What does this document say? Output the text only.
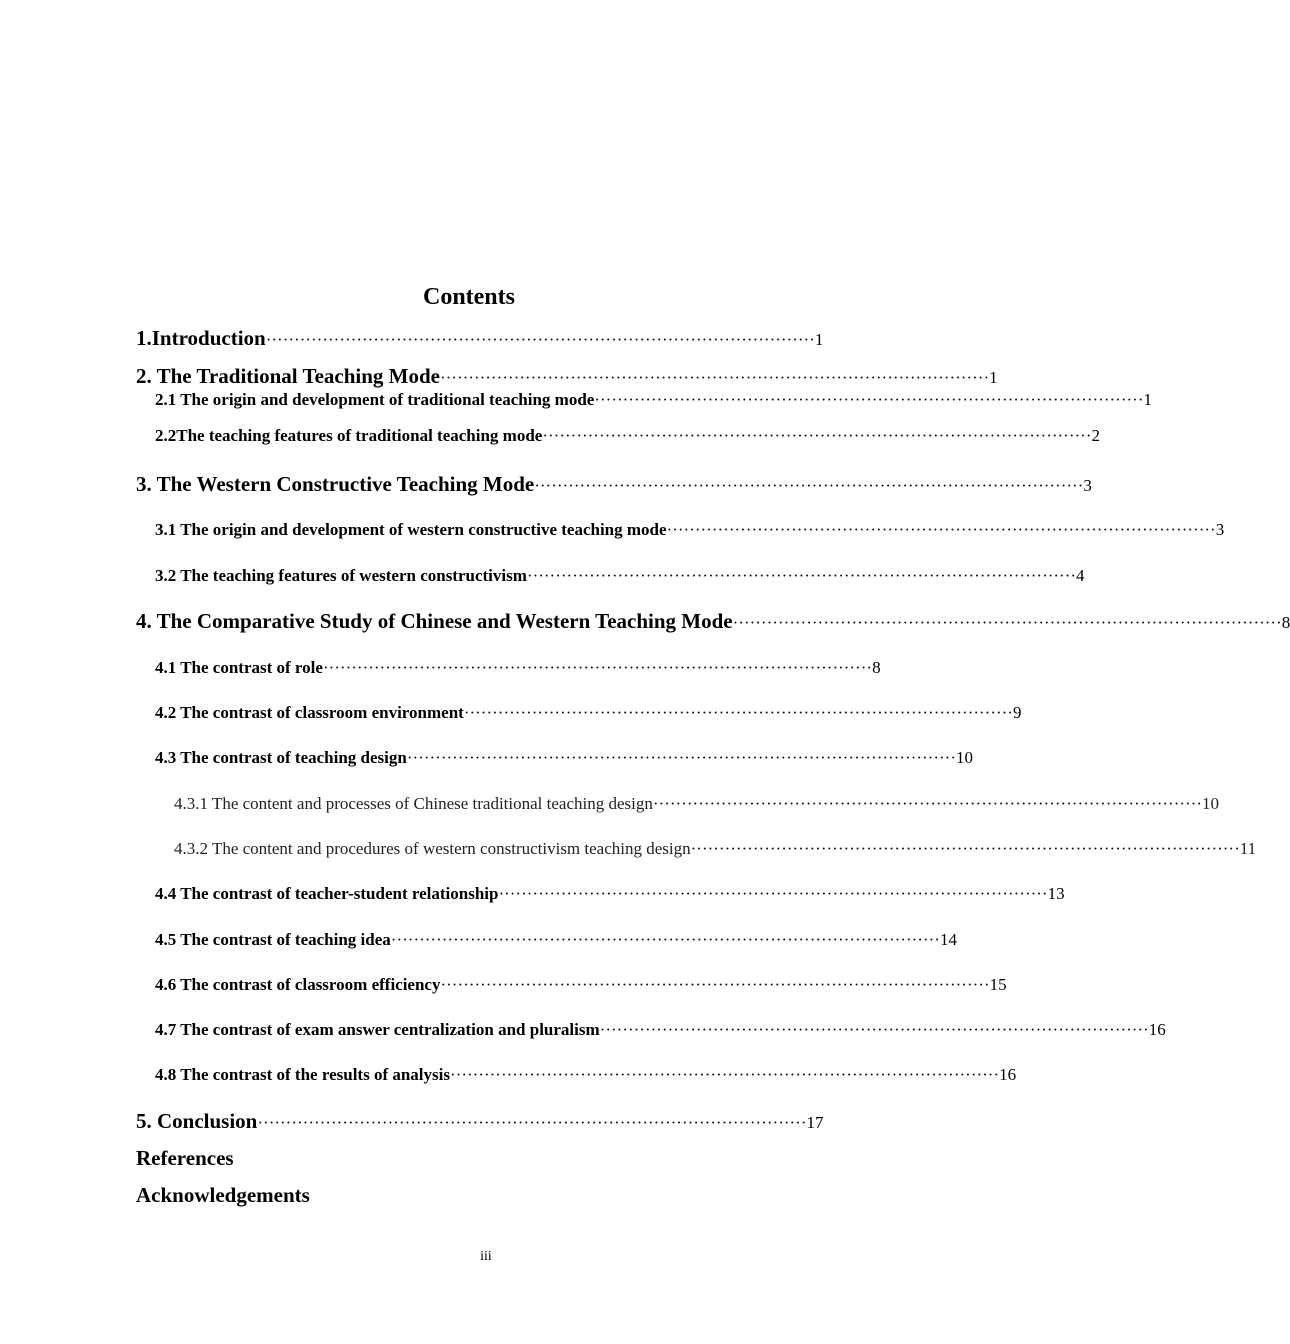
Contents
1.Introduction ································································································· 1
2. The Traditional Teaching Mode ································································································· 1
2.1 The origin and development of traditional teaching mode ································································································· 1
2.2The teaching features of traditional teaching mode ································································································· 2
3. The Western Constructive Teaching Mode ································································································· 3
3.1 The origin and development of western constructive teaching mode ································································································· 3
3.2 The teaching features of western constructivism ································································································· 4
4. The Comparative Study of Chinese and Western Teaching Mode ································································································· 8
4.1 The contrast of role ································································································· 8
4.2 The contrast of classroom environment ································································································· 9
4.3 The contrast of teaching design ································································································· 10
4.3.1 The content and processes of Chinese traditional teaching design ································································································· 10
4.3.2 The content and procedures of western constructivism teaching design ································································································· 11
4.4 The contrast of teacher-student relationship ································································································· 13
4.5 The contrast of teaching idea ································································································· 14
4.6 The contrast of classroom efficiency ································································································· 15
4.7 The contrast of exam answer centralization and pluralism ································································································· 16
4.8 The contrast of the results of analysis ································································································· 16
5. Conclusion ································································································· 17
References
Acknowledgements
iii
